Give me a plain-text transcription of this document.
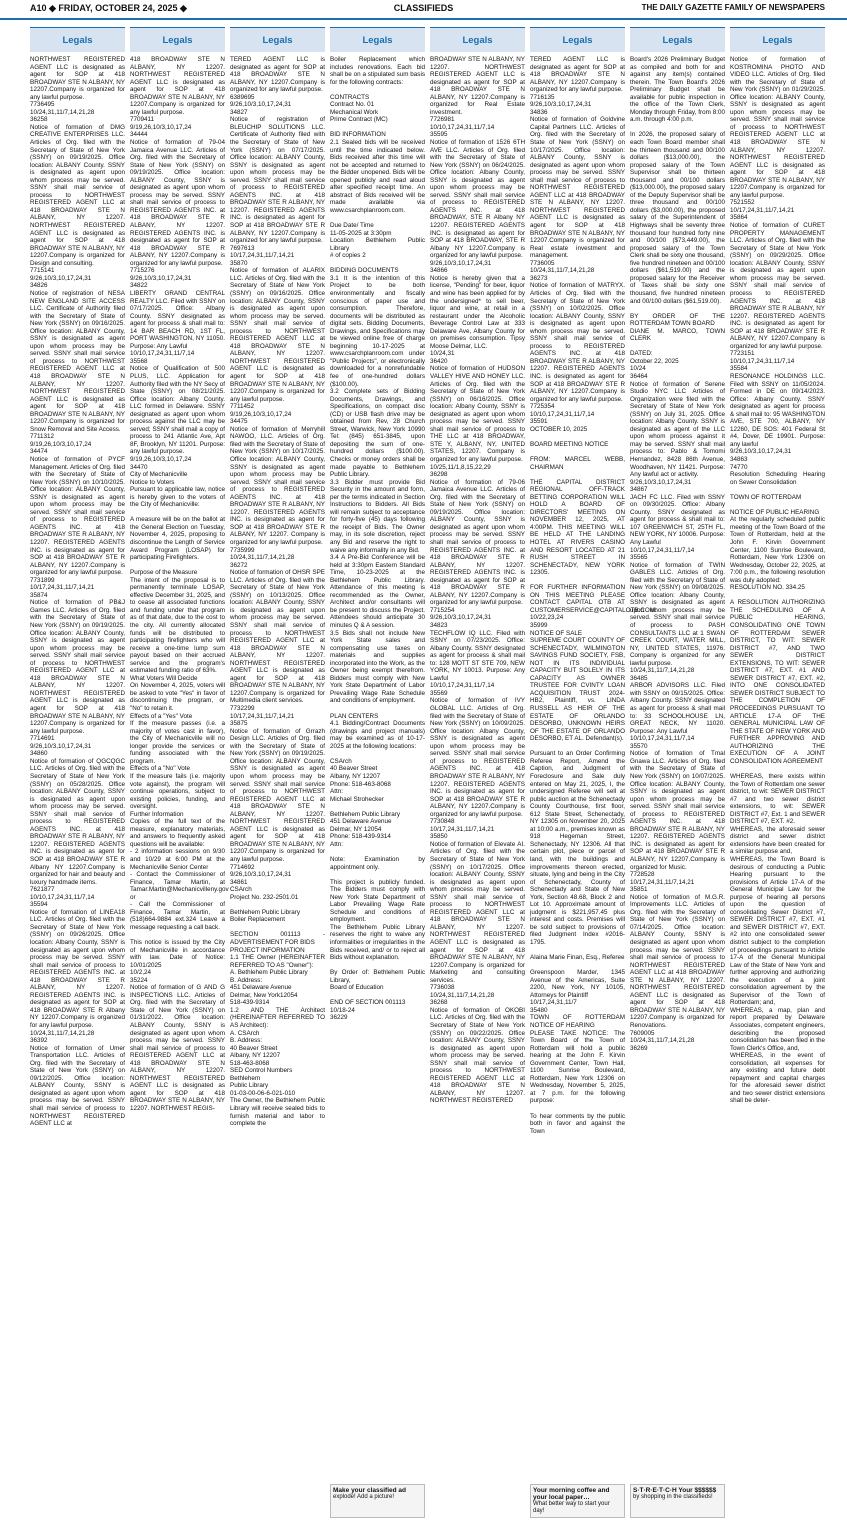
A10 ◆ FRIDAY, OCTOBER 24, 2025 ◆	CLASSIFIEDS	THE DAILY GAZETTE FAMILY OF NEWSPAPERS
Legals
NORTHWEST REGISTERED AGENT LLC is designated as agent for SOP at 418 BROADWAY STE N ALBANY, NY 12207.Company is organized for any lawful purpose.
7736495
10/24,31,11/7,14,21,28
36258
Notice of formation of DMG CREATIVE ENTERPRISES LLC. Articles of Org. filed with the Secretary of State of New York (SSNY) on 09/19/2025. Office location: ALBANY County. SSNY is designated as agent upon whom process may be served. SSNY shall mail service of process to NORTHWEST REGISTERED AGENT LLC at 418 BROADWAY STE N ALBANY, NY 12207. NORTHWEST REGISTERED AGENT LLC is designated as agent for SOP at 418 BROADWAY STE N ALBANY, NY 12207.Company is organized for Design and consulting.
7715141
9/26,10/3,10,17,24,31
34826
Notice of registration of NESA NEW ENGLAND SITE ACCESS LLC. Certificate of Authority filed with the Secretary of State of New York (SSNY) on 09/16/2025. Office location: ALBANY County, SSNY is designated as agent upon whom process may be served. SSNY shall mail service of process to NORTHWEST REGISTERED AGENT LLC at 418 BROADWAY STE N ALBANY, NY 12207. NORTHWEST REGISTERED AGENT LLC is designated as agent for SOP at 418 BROADWAY STE N ALBANY, NY 12207.Company is organized for Snow Removal and Site Access.
7711312
9/19,26,10/3,10,17,24
34474
Notice of formation of PYCF Management. Articles of Org. filed with the Secretary of State of New York (SSNY) on 10/10/2025. Office location: ALBANY County, SSNY is designated as agent upon whom process may be served. SSNY shall mail service of process to REGISTERED AGENTS INC. at 418 BROADWAY STE R ALBANY, NY 12207. REGISTERED AGENTS INC. is designated as agent for SOP at 418 BROADWAY STE R ALBANY, NY 12207.Company is organized for any lawful purpose.
7731899
10/17,24,31,11/7,14,21
35874
Notice of formation of PB&J Games LLC. Articles of Org. filed with the Secretary of State of New York (SSNY) on 09/19/2025. Office location: ALBANY County, SSNY is designated as agent upon whom process may be served. SSNY shall mail service of process to NORTHWEST REGISTERED AGENT LLC at 418 BROADWAY STE N ALBANY, NY 12207. NORTHWEST REGISTERED AGENT LLC is designated as agent for SOP at 418 BROADWAY STE N ALBANY, NY 12207.Company is organized for any lawful purpose.
7714691
9/26,10/3,10,17,24,31
34860
Notice of formation of QGCQGC LLC. Articles of Org. filed with the Secretary of State of New York (SSNY) on 05/28/2025. Office location: ALBANY County, SSNY is designated as agent upon whom process may be served. SSNY shall mail service of process to REGISTERED AGENTS INC. at 418 BROADWAY STE R ALBANY, NY 12207. REGISTERED AGENTS INC. is designated as agent for SOP at 418 BROADWAY STE R Albany NY 12207.Company is organized for hair and beauty and luxury handmade items.
7621877
10/10,17,24,31,11/7,14
35594
Notice of formation of LINEA18 LLC. Articles of Org. filed with the Secretary of State of New York (SSNY) on 09/26/2025. Office location: Albany County, SSNY is designated as agent upon whom process may be served. SSNY shall mail service of process to REGISTERED AGENTS INC. at 418 BROADWAY STE R ALBANY, NY 12207. REGISTERED AGENTS INC. is designated as agent for SOP at 418 BROADWAY STE R Albany NY 12207.Company is organized for any lawful purpose.
10/24,31,11/7,14,21,28
36392
Notice of formation of Umer Transportation LLC. Articles of Org. filed with the Secretary of State of New York (SSNY) on 09/12/2025. Office location: ALBANY County, SSNY is designated as agent upon whom process may be served. SSNY shall mail service of process to NORTHWEST REGISTERED AGENT LLC at
Legals
418 BROADWAY STE N ALBANY, NY 12207. NORTHWEST REGISTERED AGENT LLC is designated as agent for SOP at 418 BROADWAY STE N ALBANY, NY 12207.Company is organized for any lawful purpose.
7709411
9/19,26,10/3,10,17,24
34444
Notice of formation of 79-04 Jamaica Avenue LLC. Articles of Org. filed with the Secretary of State of New York (SSNY) on 09/19/2025. Office location: ALBANY County, SSNY is designated as agent upon whom process may be served. SSNY shall mail service of process to REGISTERED AGENTS INC. at 418 BROADWAY STE R ALBANY, NY 12207. REGISTERED AGENTS INC. is designated as agent for SOP at 418 BROADWAY STE R ALBANY, NY 12207.Company is organized for any lawful purpose.
7715276
9/26,10/3,10,17,24,31
34822
LIBERTY GRAND CENTRAL REALTY LLC. Filed with SSNY on 07/17/2025. Office: Albany County. SSNY designated as agent for process & shall mail to: 14 BAR BEACH RD, 1ST FL, PORT WASHINGTON, NY 11050. Purpose: Any Lawful
10/10,17,24,31,11/7,14
35568
Notice of Qualification of 500 PLUS, LLC. Application for Authority filed with the NY Secy of State (SSNY) on 08/21/2025. Office location: Albany County. LLC formed in Delaware. SSNY designated as agent upon whom process against the LLC may be served; SSNY shall mail a copy of process to 241 Atlantic Ave, Apt 8F, Brooklyn, NY 11201. Purpose: any lawful purpose.
9/19,26,10/3,10,17,24
34470
City of Mechanicville
Notice to Voters
Pursuant to applicable law, notice is hereby given to the voters of the City of Mechanicville:

A measure will be on the ballot at the General Election on Tuesday, November 4, 2025, proposing to discontinue the Length of Service Award Program (LOSAP) for participating Firefighters.

Purpose of the Measure
The intent of the proposal is to permanently terminate LOSAP, effective December 31, 2025, and to cease all associated functions and funding under that program as of that date, due to the cost to the city. All currently allocated funds will be distributed to participating firefighters who will receive a one-time lump sum payout based on their accrued service and the program's estimated funding ratio of 63%.
What Voters Will Decide
On November 4, 2025, voters will be asked to vote "Yes" in favor of discontinuing the program, or "No" to retain it.
Effects of a "Yes" Vote
If the measure passes (i.e. a majority of votes cast in favor), the City of Mechanicville will no longer provide the services or funding associated with the program.
Effects of a "No" Vote
If the measure fails (i.e. majority vote against), the program will continue operations, subject to existing policies, funding, and oversight.
Further Information
Copies of the full text of the measure, explanatory materials, and answers to frequently asked questions will be available:
- 2 information sessions on 9/30 and 10/29 at 6:00 PM at the Mechanicville Senior Center
- Contact the Commissioner of Finance, Tamar Martin, at Tamar.Martin@Mechanicvilleny.gov
or
- Call the Commissioner of Finance, Tamar Martin, at (518)664-9884 ext.324 Leave a message requesting a call back.

This notice is issued by the City of Mechanicville in accordance with law. Date of Notice: 10/01/2025
10/2,24
35224
Notice of formation of G AND G INSPECTIONS LLC. Articles of Org. filed with the Secretary of State of New York (SSNY) on 01/31/2022. Office location: ALBANY County, SSNY is designated as agent upon whom process may be served. SSNY shall mail service of process to REGISTERED AGENT LLC at 418 BROADWAY STE N ALBANY, NY 12207. NORTHWEST REGISTERED AGENT LLC is designated as agent for SOP at 418 BROADWAY STE N ALBANY, NY 12207. NORTHWEST REGIS-
Legals
TERED AGENT LLC is designated as agent for SOP at 418 BROADWAY STE N ALBANY, NY 12207.Company is organized for any lawful purpose.
6389695
9/26,10/3,10,17,24,31
34827
Notice of registration of BLEUCHIP SOLUTIONS LLC. Certificate of Authority filed with the Secretary of State of New York (SSNY) on 07/17/2025. Office location: ALBANY County, SSNY is designated as agent upon whom process may be served. SSNY shall mail service of process to REGISTERED AGENTS INC. at 418 BROADWAY STE R ALBANY, NY 12207. REGISTERED AGENTS INC. is designated as agent for SOP at 418 BROADWAY STE R ALBANY, NY 12207.Company is organized for any lawful purpose.
7697613
10/17,24,31,11/7,14,21
35870
Notice of formation of ALARIX LLC. Articles of Org. filed with the Secretary of State of New York (SSNY) on 09/16/2025. Office location: ALBANY County, SSNY is designated as agent upon whom process may be served. SSNY shall mail service of process to NORTHWEST REGISTERED AGENT LLC at 418 BROADWAY STE N ALBANY, NY 12207. NORTHWEST REGISTERED AGENT LLC is designated as agent for SOP at 418 BROADWAY STE N ALBANY, NY 12207.Company is organized for any lawful purpose.
7711452
9/19,26,10/3,10,17,24
34475
Notice of formation of Merryhill NAWOO, LLC. Articles of Org. filed with the Secretary of State of New York (SSNY) on 10/17/2025. Office location: ALBANY County, SSNY is designated as agent upon whom process may be served. SSNY shall mail service of process to REGISTERED AGENTS INC. at 418 BROADWAY STE R ALBANY, NY 12207. REGISTERED AGENTS INC. is designated as agent for SOP at 418 BROADWAY STE R ALBANY, NY 12207. Company is organized for any lawful purpose.
7735999
10/24,31,11/7,14,21,28
36272
Notice of formation of OHSR SPE LLC. Articles of Org. filed with the Secretary of State of New York (SSNY) on 10/13/2025. Office location: ALBANY County, SSNY is designated as agent upon whom process may be served. SSNY shall mail service of process to NORTHWEST REGISTERED AGENT LLC at 418 BROADWAY STE N ALBANY, NY 12207. NORTHWEST REGISTERED AGENT LLC is designated as agent for SOP at 418 BROADWAY STE N ALBANY, NY 12207.Company is organized for Multimedia client services.
7732299
10/17,24,31,11/7,14,21
35875
Notice of formation of Grrazh Design LLC. Articles of Org. filed with the Secretary of State of New York (SSNY) on 09/19/2025. Office location: ALBANY County, SSNY is designated as agent upon whom process may be served. SSNY shall mail service of process to NORTHWEST REGISTERED AGENT LLC at 418 BROADWAY STE N ALBANY, NY 12207. NORTHWEST REGISTERED AGENT LLC is designated as agent for SOP at 418 BROADWAY STE N ALBANY, NY 12207.Company is organized for any lawful purpose.
7714692
9/26,10/3,10,17,24,31
34861
CSArch
Project No. 232-2501.01

Bethlehem Public Library
Boiler Replacement

SECTION 001113 - ADVERTISEMENT FOR BIDS
PROJECT INFORMATION
1.1 THE Owner (HEREINAFTER REFERRED TO AS "Owner"):
A. Bethlehem Public Library
B. Address:
451 Delaware Avenue
Delmar, New York12054
518-439-9314
1.2 AND THE Architect (HEREINAFTER REFERRED TO AS Architect):
A. CSArch
B. Address:
40 Beaver Street
Albany, NY 12207
518-463-8068
SED Control Numbers
Bethlehem
Public Library
01-03-00-06-6-021-010
The Owner, the Bethlehem Public Library will receive sealed bids to furnish material and labor to complete the
Legals
Boiler Replacement which includes renovations. Each bid shall be on a stipulated sum basis for the following contracts:

CONTRACTS
Contract No. 01
Mechanical Work
Prime Contract (MC)

BID INFORMATION
2.1 Sealed bids will be received until the time indicated below. Bids received after this time will not be accepted and returned to the Bidder unopened. Bids will be opened publicly and read aloud after specified receipt time. An abstract of Bids received will be made available via www.csarchplanroom.com.

Due Date/ Time
11-05-2025 at 3:30pm
Location Bethlehem Public Library
# of copies 2

BIDDING DOCUMENTS
3.1 It is the intention of this Project to be both environmentally and fiscally conscious of paper use and consumption. Therefore, documents will be distributed as digital sets. Bidding Documents, Drawings, and Specifications may be viewed online free of charge beginning 10-17-2025 at www.csarchplanroom.com under "Public Projects", or electronically downloaded for a nonrefundable fee of one-hundred dollars ($100.00).
3.2 Complete sets of Bidding Documents, Drawings, and Specifications, on compact disc (CD) or USB flash drive may be obtained from Rev, 28 Church Street, Warwick, New York 10990 Tel: (845) 651-3845, upon depositing the sum of one-hundred dollars ($100.00). Checks or money orders shall be made payable to Bethlehem Public Library.
3.3 Bidder must provide Bid Security in the amount and form, per the terms indicated in Section Instructions to Bidders. All Bids will remain subject to acceptance for forty-five (45) days following the receipt of Bids. The Owner may, in its sole discretion, reject any Bid and reserve the right to waive any informality in any Bid.
3.4 A Pre-Bid Conference will be held at 3:30pm Eastern Standard Time, 10-23-2025 at the Bethlehem Public Library. Attendance of this meeting is recommended as the Owner, Architect and/or consultants will be present to discuss the Project. Attendees should anticipate 30 minutes Q & A session.
3.5 Bids shall not include New York State sales and compensating use taxes on materials and supplies incorporated into the Work, as the Owner being exempt therefrom. Bidders must comply with New York State Department of Labor Prevailing Wage Rate Schedule and conditions of employment.

PLAN CENTERS
4.1 Bidding/Contract Documents (drawings and project manuals) may be examined as of 10-17-2025 at the following locations:

CSArch
40 Beaver Street
Albany, NY 12207
Phone: 518-463-8068
Attn:
Michael Strohecker

Bethlehem Public Library
451 Delaware Avenue
Delmar, NY 12054
Phone: 518-439-9314
Attn:

Note: Examination by appointment only.

This project is publicly funded. The Bidders must comply with New York State Department of Labor Prevailing Wage Rate Schedule and conditions of employment.
The Bethlehem Public Library reserves the right to waive any informalities or irregularities in the Bids received, and/ or to reject all Bids without explanation.

By Order of: Bethlehem Public Library,
Board of Education

END OF SECTION 001113
10/18-24
36229
Make your classified ad
explode! Add a picture!
Legals
BROADWAY STE N ALBANY, NY 12207. NORTHWEST REGISTERED AGENT LLC is designated as agent for SOP at 418 BROADWAY STE N ALBANY, NY 12207.Company is organized for Real Estate investment.
7726981
10/10,17,24,31,11/7,14
35595
Notice of formation of 1526 6TH AVE LLC. Articles of Org. filed with the Secretary of State of New York (SSNY) on 06/24/2025. Office location: Albany County, SSNY is designated as agent upon whom process may be served. SSNY shall mail service of process to REGISTERED AGENTS INC. at 418 BROADWAY, STE R Albany NY 12207. REGISTERED AGENTS INC. is designated as agent for SOP at 418 BROADWAY, STE R Albany NY 12207.Company is organized for any lawful purpose.
9/26,10/3,10,17,24,31
34866
Notice is hereby given that a license, "Pending" for beer, liquor and wine has been applied for by the undersigned* to sell beer, liquor and wine, at retail in a restaurant under the Alcoholic Beverage Control Law at 333 Delaware Ave, Albany County for on premises consumption. Tipsy Moose Delmar, LLC.
10/24,31
36420
Notice of formation of HUDSON VALLEY HIVE AND HONEY LLC. Articles of Org. filed with the Secretary of State of New York (SSNY) on 06/16/2025. Office location: Albany County, SSNY is designated as agent upon whom process may be served. SSNY shall mail service of process to THE LLC at 418 BROADWAY, STE Y, ALBANY, NY, UNITED STATES, 12207. Company is organized for any lawful purpose.
10/25,11/1,8,15,22,29
36298
Notice of formation of 79-06 Jamaica Avenue LLC. Articles of Org. filed with the Secretary of State of New York (SSNY) on 09/19/2025. Office location: ALBANY County, SSNY is designated as agent upon whom process may be served. SSNY shall mail service of process to REGISTERED AGENTS INC. at 418 BROADWAY STE R ALBANY, NY 12207. REGISTERED AGENTS INC. is designated as agent for SOP at 418 BROADWAY STE R ALBANY, NY 12207.Company is organized for any lawful purpose.
7715254
9/26,10/3,10,17,24,31
34823
TECHFLOW IQ LLC. Filed with SSNY on 07/23/2025. Office: Albany County. SSNY designated as agent for process & shall mail to: 128 MOTT ST STE 709, NEW YORK, NY 10013. Purpose: Any Lawful
10/10,17,24,31,11/7,14
35569
Notice of formation of IVY GLOBAL LLC. Articles of Org. filed with the Secretary of State of New York (SSNY) on 10/09/2025. Office location: Albany County, SSNY is designated as agent upon whom process may be served. SSNY shall mail service of process to REGISTERED AGENTS INC. at 418 BROADWAY STE R ALBANY, NY 12207. REGISTERED AGENTS INC. is designated as agent for SOP at 418 BROADWAY STE R ALBANY, NY 12207.Company is organized for any lawful purpose.
7730848
10/17,24,31,11/7,14,21
35850
Notice of formation of Elevate AI. Articles of Org. filed with the Secretary of State of New York (SSNY) on 10/17/2025. Office location: ALBANY County, SSNY is designated as agent upon whom process may be served. SSNY shall mail service of process to NORTHWEST REGISTERED AGENT LLC at 418 BROADWAY STE N ALBANY, NY 12207. NORTHWEST REGISTERED AGENT LLC is designated as agent for SOP at 418 BROADWAY STE N ALBANY, NY 12207.Company is organized for Marketing and consulting services.
7736038
10/24,31,11/7,14,21,28
36268
Notice of formation of OKOBI LLC. Articles of Org. filed with the Secretary of State of New York (SSNY) on 09/22/2025. Office location: ALBANY County, SSNY is designated as agent upon whom process may be served. SSNY shall mail service of process to NORTHWEST REGISTERED AGENT LLC at 418 BROADWAY STE N ALBANY, NY 12207. NORTHWEST REGISTERED
Legals
TERED AGENT LLC is designated as agent for SOP at 418 BROADWAY STE N ALBANY, NY 12207.Company is organized for any lawful purpose.
7716135
9/26,10/3,10,17,24,31
34836
Notice of formation of Goldvine Capital Partners LLC. Articles of Org. filed with the Secretary of State of New York (SSNY) on 10/17/2025. Office location: ALBANY County, SSNY is designated as agent upon whom process may be served. SSNY shall mail service of process to NORTHWEST REGISTERED AGENT LLC at 418 BROADWAY STE N ALBANY, NY 12207. NORTHWEST REGISTERED AGENT LLC is designated as agent for SOP at 418 BROADWAY STE N ALBANY, NY 12207.Company is organized for Real estate investment and management.
7736005
10/24,31,11/7,14,21,28
36273
Notice of formation of MATRYX. Articles of Org. filed with the Secretary of State of New York (SSNY) on 10/02/2025. Office location: ALBANY County, SSNY is designated as agent upon whom process may be served. SSNY shall mail service of process to REGISTERED AGENTS INC. at 418 BROADWAY STE R ALBANY, NY 12207. REGISTERED AGENTS INC. is designated as agent for SOP at 418 BROADWAY STE R ALBANY, NY 12207.Company is organized for any lawful purpose.
7725354
10/10,17,24,31,11/7,14
35591
OCTOBER 10, 2025

BOARD MEETING NOTICE

FROM: MARCEL WEBB, CHAIRMAN

THE CAPITAL DISTRICT REGIONAL OFF-TRACK BETTING CORPORATION WILL HOLD A BOARD OF DIRECTORS' MEETING ON NOVEMBER 12, 2025, AT 4:00PM. THIS MEETING WILL BE HELD AT THE LANDING HOTEL AT RIVERS CASINO AND RESORT LOCATED AT 21 RUSH STREET IN SCHENECTADY, NEW YORK 12305.

FOR FURTHER INFORMATION ON THIS MEETING PLEASE CONTACT CAPITAL OTB AT CUSTOMERSERVICE@CAPITALOTB.COM.
10/22,23,24
35999
NOTICE OF SALE
SUPREME COURT COUNTY OF SCHENECTADY, WILMINGTON SAVINGS FUND SOCIETY, FSB, NOT IN ITS INDIVIDUAL CAPACITY BUT SOLELY IN ITS CAPACITY AS OWNER TRUSTEE FOR CVINTY LOAN ACQUISITION TRUST 2024-HB2, Plaintiff, vs. LINDA RUSSELL AS HEIR OF THE ESTATE OF ORLANDO DESORBO, UNKNOWN HEIRS OF THE ESTATE OF ORLANDO DESORBO, ET AL. Defendant(s).

Pursuant to an Order Confirming Referee Report, Amend the Caption, and Judgment of Foreclosure and Sale duly entered on May 21, 2025, I, the undersigned Referee will sell at public auction at the Schenectady County Courthouse, first floor, 612 State Street, Schenectady, NY 12305 on November 20, 2025 at 10:00 a.m., premises known as 918 Hegeman Street, Schenectady, NY 12306. All that certain plot, piece or parcel of land, with the buildings and improvements thereon erected, situate, lying and being in the City of Schenectady, County of Schenectady and State of New York, Section 48.68, Block 2 and Lot 10. Approximate amount of judgment is $221,957.45 plus interest and costs. Premises will be sold subject to provisions of filed Judgment Index #2016-1795.

Alaina Marie Finan, Esq., Referee

Greenspoon Marder, 1345 Avenue of the Americas, Suite 2200, New York, NY 10105, Attorneys for Plaintiff
10/17,24,31,11/7
35480
TOWN OF ROTTERDAM NOTICE OF HEARING
PLEASE TAKE NOTICE: The Town Board of the Town of Rotterdam will hold a public hearing at the John F. Kirvin Government Center, Town Hall, 1100 Sunrise Boulevard, Rotterdam, New York 12306 on Wednesday, November 5, 2025, at 7 p.m. for the following purpose:

To hear comments by the public both in favor and against the Town
Your morning coffee and your local paper…
What better way to start your day!
Legals
Board's 2026 Preliminary Budget as compiled and both for and against any item(s) contained therein. The Town Board's 2026 Preliminary Budget shall be available for public inspection in the office of the Town Clerk, Monday through Friday, from 8:00 a.m. through 4:00 p.m.

In 2026, the proposed salary of each Town Board member shall be thirteen thousand and 00/100 dollars ($13,000.00), the proposed salary of the Town Supervisor shall be thirteen thousand and 00/100 dollars ($13,000.00), the proposed salary of the Deputy Supervisor shall be three thousand and 00/100 dollars ($3,000.00), the proposed salary of the Superintendent of Highways shall be seventy three thousand four hundred forty nine and 00/100 ($73,449.00), the proposed salary of the Town Clerk shall be sixty one thousand, five hundred nineteen and 00/100 dollars ($61,519.00) and the proposed salary for the Receiver of Taxes shall be sixty one thousand, five hundred nineteen and 00/100 dollars ($61,519.00).

BY ORDER OF THE ROTTERDAM TOWN BOARD
DIANE M. MARCO, TOWN CLERK

DATED:
October 22, 2025
10/24
36464
Notice of formation of Serene Studio NYC LLC Articles of Organization were filed with the Secretary of State of New York (SSNY) on July 31, 2025. Office location: Albany County. SSNY is designated as agent of the LLC upon whom process against it may be served. SSNY shall mail process to: Pablo & Tomomi Hernandez, 8428 86th Avenue, Woodhaven, NY 11421. Purpose: Any lawful act or activity.
9/26,10/3,10,17,24,31
34867
JACH FC LLC. Filed with SSNY on 09/30/2025. Office: Albany County. SSNY designated as agent for process & shall mail to: 107 GREENWICH ST, 25TH FL, NEW YORK, NY 10006. Purpose: Any Lawful
10/10,17,24,31,11/7,14
35565
Notice of formation of TWIN GABLES LLC. Articles of Org. filed with the Secretary of State of New York (SSNY) on 09/08/2025. Office location: Albany County, SSNY is designated as agent upon whom process may be served. SSNY shall mail service of process to PASH CONSULTANTS LLC at 1 SWAN CREEK COURT, WATER MILL, NY, UNITED STATES, 11976. Company is organized for any lawful purpose.
10/24,31,11/7,14,21,28
36485
ARBOR ADVISORS LLC. Filed with SSNY on 09/15/2025. Office: Albany County. SSNY designated as agent for process & shall mail to: 33 SCHOOLHOUSE LN, GREAT NECK, NY 11020. Purpose: Any Lawful
10/10,17,24,31,11/7,14
35570
Notice of formation of Tmal Gnawa LLC. Articles of Org. filed with the Secretary of State of New York (SSNY) on 10/07/2025. Office location: ALBANY County, SSNY is designated as agent upon whom process may be served. SSNY shall mail service of process to REGISTERED AGENTS INC. at 418 BROADWAY STE R ALBANY, NY 12207. REGISTERED AGENTS INC. is designated as agent for SOP at 418 BROADWAY STE R ALBANY, NY 12207.Company is organized for Music.
7728528
10/17,24,31,11/7,14,21
35851
Notice of formation of M.G.R. Improvements LLC. Articles of Org. filed with the Secretary of State of New York (SSNY) on 07/14/2025. Office location: ALBANY County, SSNY is designated as agent upon whom process may be served. SSNY shall mail service of process to NORTHWEST REGISTERED AGENT LLC at 418 BROADWAY STE N ALBANY, NY 12207. NORTHWEST REGISTERED AGENT LLC is designated as agent for SOP at 418 BROADWAY STE N ALBANY, NY 12207.Company is organized for Renovations.
7609005
10/24,31,11/7,14,21,28
36269
S·T·R·E·T·C·H Your $$$$$$
by shopping in the classifieds!
Legals
Notice of formation of KOSTROMINA PHOTO AND VIDEO LLC. Articles of Org. filed with the Secretary of State of New York (SSNY) on 01/29/2025. Office location: ALBANY County, SSNY is designated as agent upon whom process may be served. SSNY shall mail service of process to NORTHWEST REGISTERED AGENT LLC at 418 BROADWAY STE N ALBANY, NY 12207. NORTHWEST REGISTERED AGENT LLC is designated as agent for SOP at 418 BROADWAY STE N ALBANY, NY 12207.Company is organized for any lawful purpose.
7521552
10/17,24,31,11/7,14,21
35864
Notice of formation of CURET PROPERTY MANAGEMENT LLC. Articles of Org. filed with the Secretary of State of New York (SSNY) on 09/29/2025. Office location: ALBANY County, SSNY is designated as agent upon whom process may be served. SSNY shall mail service of process to REGISTERED AGENTS INC. at 418 BROADWAY STE R ALBANY, NY 12207. REGISTERED AGENTS INC. is designated as agent for SOP at 418 BROADWAY STE R ALBANY, NY 12207.Company is organized for any lawful purpose.
7723151
10/10,17,24,31,11/7,14
35584
RESONANCE HOLDINGS LLC. Filed with SSNY on 11/05/2024. Formed in DE on 09/14/2023. Office: Albany County. SSNY designated as agent for process & shall mail to: 95 WASHINGTON AVE, STE 700, ALBANY, NY 12260, DE SOS: 401 Federal St #4, Dover, DE 19901. Purpose: any lawful
9/26,10/3,10,17,24,31
34863
74770
Resolution Scheduling Hearing on Sewer Consolidation

TOWN OF ROTTERDAM

NOTICE OF PUBLIC HEARING
At the regularly scheduled public meeting of the Town Board of the Town of Rotterdam, held at the John F. Kirvin Government Center, 1100 Sunrise Boulevard, Rotterdam, New York 12306 on Wednesday, October 22, 2025, at 7:00 p.m., the following resolution was duly adopted:
RESOLUTION NO. 334.25

A RESOLUTION AUTHORIZING THE SCHEDULING OF A PUBLIC HEARING, CONSOLIDATING ONE TOWN OF ROTTERDAM SEWER DISTRICT, TO WIT: SEWER DISTRICT #7, AND TWO SEWER DISTRICT EXTENSIONS, TO WIT: SEWER DISTRICT #7, EXT. #1 AND SEWER DISTRICT #7, EXT. #2, INTO ONE CONSOLIDATED SEWER DISTRICT SUBJECT TO THE COMPLETION OF PROCEEDINGS PURSUANT TO ARTICLE 17-A OF THE GENERAL MUNICIPAL LAW OF THE STATE OF NEW YORK AND FURTHER APPROVING AND AUTHORIZING THE EXECUTION OF A JOINT CONSOLIDATION AGREEMENT

WHEREAS, there exists within the Town of Rotterdam one sewer district, to wit: SEWER DISTRICT #7 and two sewer district extensions, to wit: SEWER DISTRICT #7, Ext. 1 and SEWER DISTRICT #7, EXT. #2.
WHEREAS, the aforesaid sewer district and sewer district extensions have been created for a similar purpose and,
WHEREAS, the Town Board is desirous of conducting a Public Hearing pursuant to the provisions of Article 17-A of the General Municipal Law for the purpose of hearing all persons upon the question of consolidating Sewer District #7, SEWER DISTRICT #7, EXT. #1 and SEWER DISTRICT #7, EXT. #2 into one consolidated sewer district subject to the completion of proceedings pursuant to Article 17-A of the General Municipal Law of the State of New York and further approving and authorizing the execution of a joint consolidation agreement by the Supervisor of the Town of Rotterdam; and,
WHEREAS, a map, plan and report prepared by Delaware Associates, competent engineers, describing the proposed consolidation has been filed in the Town Clerk's Office, and,
WHEREAS, in the event of consolidation, all expenses for any existing and future debt repayment and capital charges for the aforesaid sewer district and two sewer district extensions shall be deter-
